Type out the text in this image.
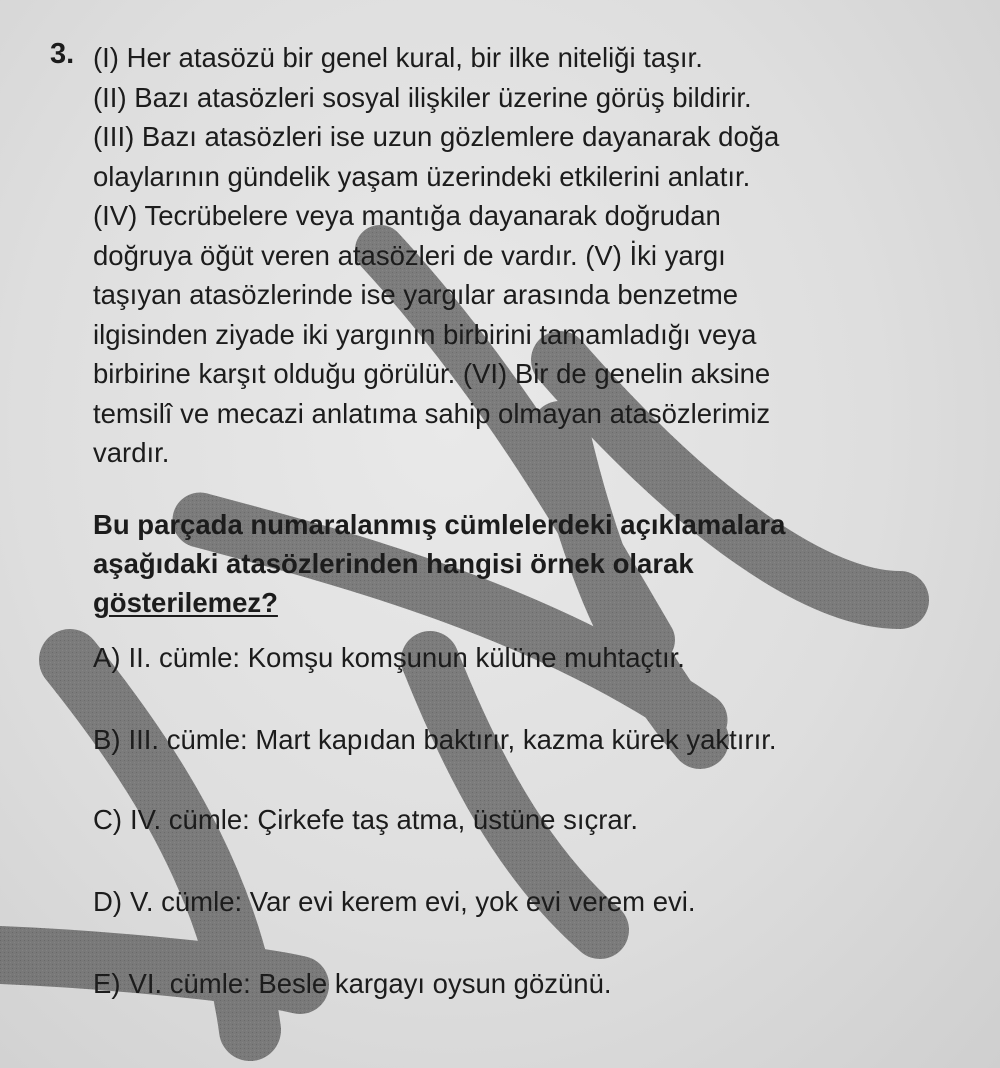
3. (I) Her atasözü bir genel kural, bir ilke niteliği taşır.
(II) Bazı atasözleri sosyal ilişkiler üzerine görüş bildirir.
(III) Bazı atasözleri ise uzun gözlemlere dayanarak doğa
olaylarının gündelik yaşam üzerindeki etkilerini anlatır.
(IV) Tecrübelere veya mantığa dayanarak doğrudan
doğruya öğüt veren atasözleri de vardır. (V) İki yargı
taşıyan atasözlerinde ise yargılar arasında benzetme
ilgisinden ziyade iki yargının birbirini tamamladığı veya
birbirine karşıt olduğu görülür. (VI) Bir de genelin aksine
temsilî ve mecazi anlatıma sahip olmayan atasözlerimiz
vardır.
Bu parçada numaralanmış cümlelerdeki açıklamalara
aşağıdaki atasözlerinden hangisi örnek olarak
gösterilemez?
A) II. cümle: Komşu komşunun külüne muhtaçtır.
B) III. cümle: Mart kapıdan baktırır, kazma kürek yaktırır.
C) IV. cümle: Çirkefe taş atma, üstüne sıçrar.
D) V. cümle: Var evi kerem evi, yok evi verem evi.
E) VI. cümle: Besle kargayı oysun gözünü.
